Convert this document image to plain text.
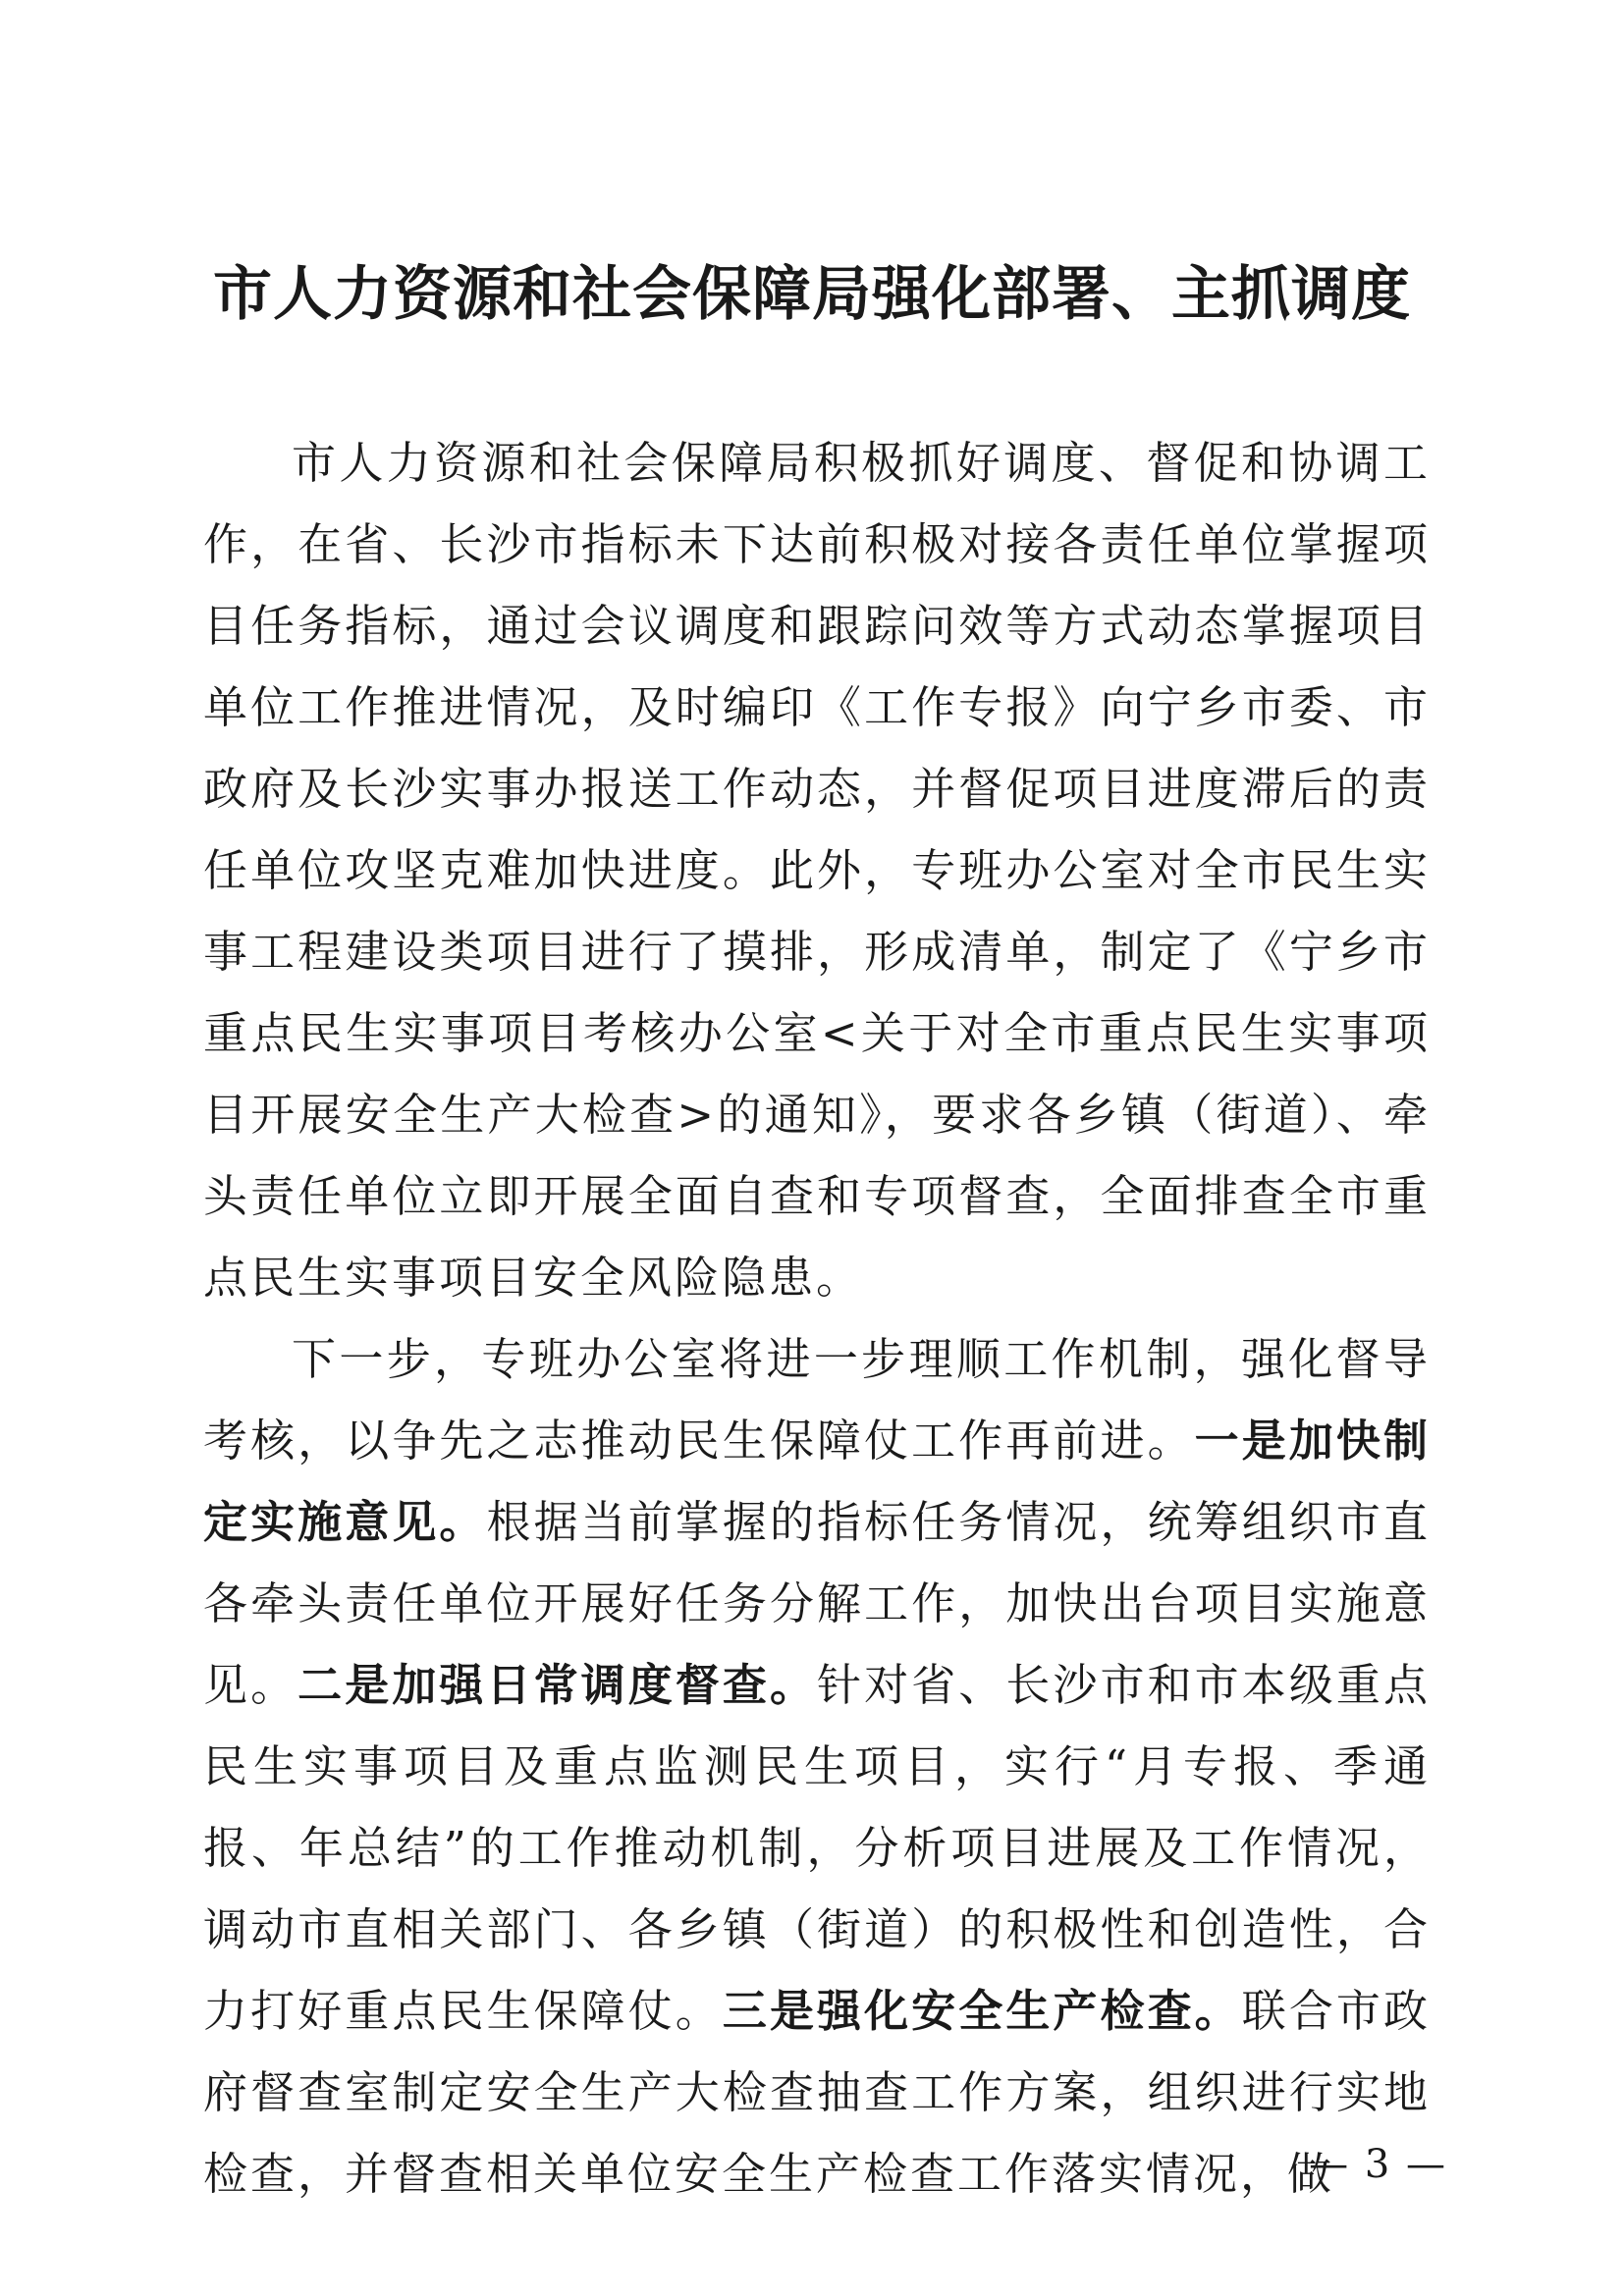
市人力资源和社会保障局强化部署、主抓调度

市人力资源和社会保障局积极抓好调度、督促和协调工作，在省、长沙市指标未下达前积极对接各责任单位掌握项目任务指标，通过会议调度和跟踪问效等方式动态掌握项目单位工作推进情况，及时编印《工作专报》向宁乡市委、市政府及长沙实事办报送工作动态，并督促项目进度滞后的责任单位攻坚克难加快进度。此外，专班办公室对全市民生实事工程建设类项目进行了摸排，形成清单，制定了《宁乡市重点民生实事项目考核办公室<关于对全市重点民生实事项目开展安全生产大检查>的通知》，要求各乡镇（街道）、牵头责任单位立即开展全面自查和专项督查，全面排查全市重点民生实事项目安全风险隐患。

下一步，专班办公室将进一步理顺工作机制，强化督导考核，以争先之志推动民生保障仗工作再前进。一是加快制定实施意见。根据当前掌握的指标任务情况，统筹组织市直各牵头责任单位开展好任务分解工作，加快出台项目实施意见。二是加强日常调度督查。针对省、长沙市和市本级重点民生实事项目及重点监测民生项目，实行“月专报、季通报、年总结”的工作推动机制，分析项目进展及工作情况，调动市直相关部门、各乡镇（街道）的积极性和创造性，合力打好重点民生保障仗。三是强化安全生产检查。联合市政府督查室制定安全生产大检查抽查工作方案，组织进行实地检查，并督查相关单位安全生产检查工作落实情况，做

— 3 —
